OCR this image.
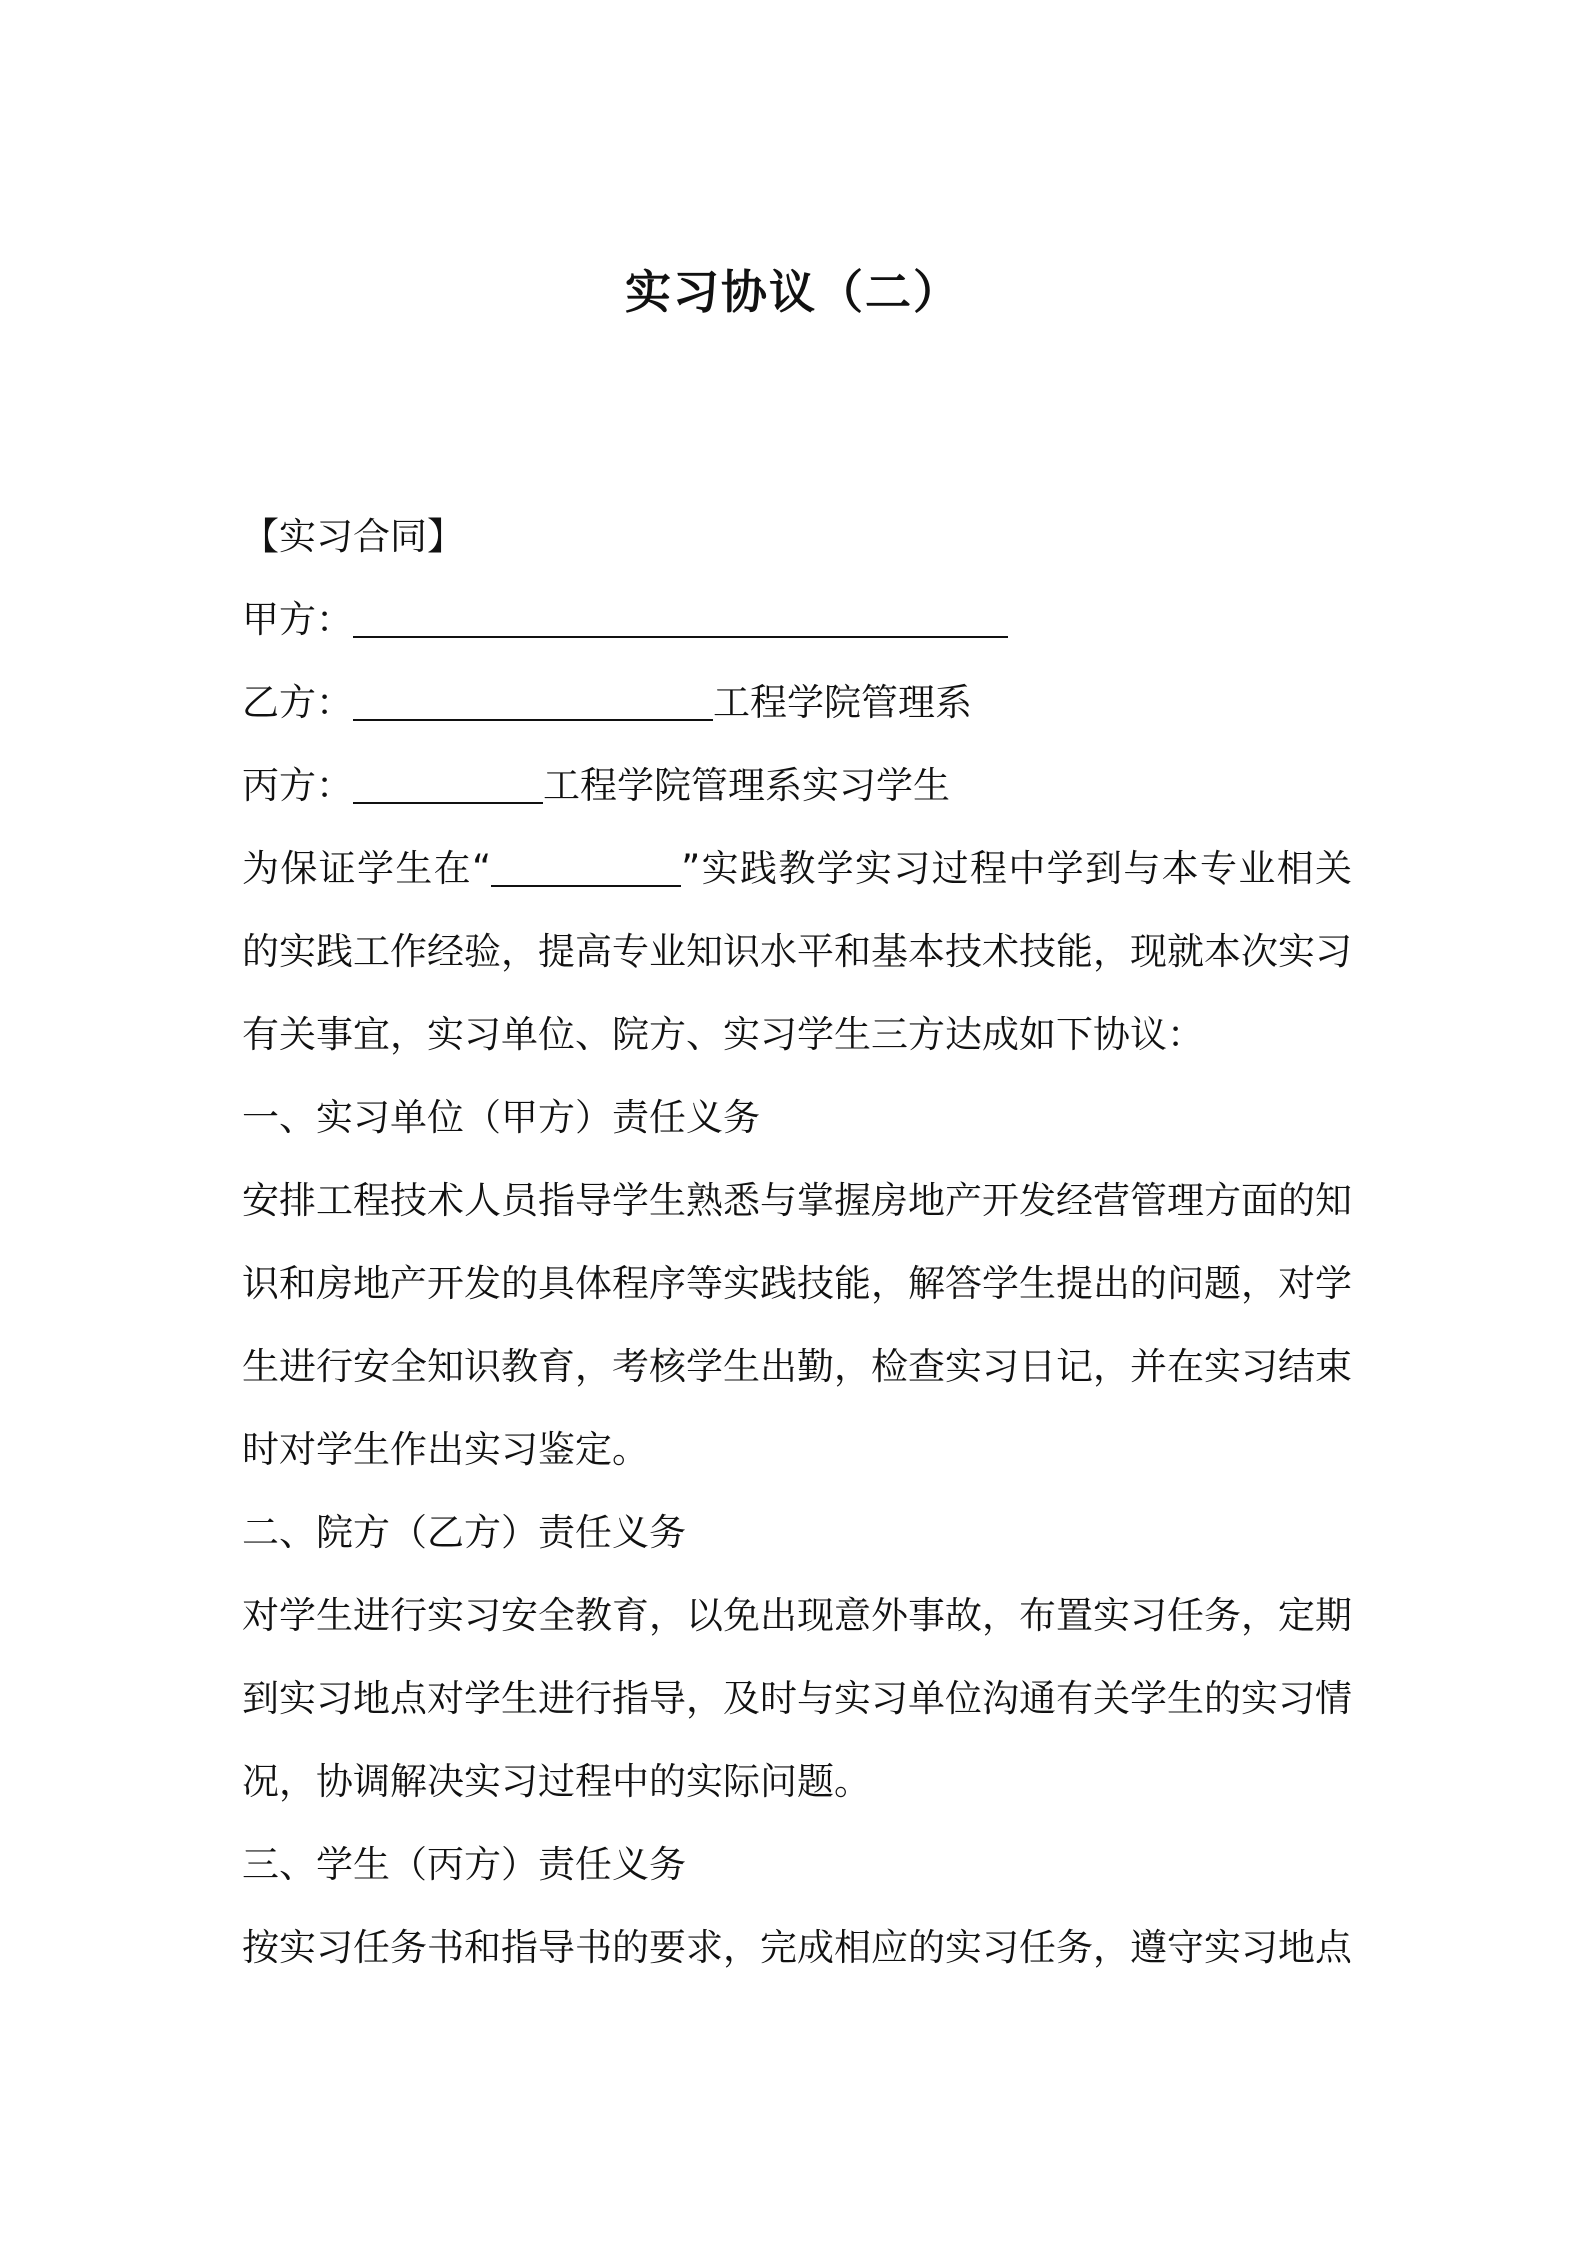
实习协议（二）
【实习合同】
甲方：
乙方：	工程学院管理系
丙方：	工程学院管理系实习学生

为保证学生在“	”实践教学实习过程中学到与本专业相关的实践工作经验，提高专业知识水平和基本技术技能，现就本次实习有关事宜，实习单位、院方、实习学生三方达成如下协议：

一、实习单位（甲方）责任义务

安排工程技术人员指导学生熟悉与掌握房地产开发经营管理方面的知识和房地产开发的具体程序等实践技能，解答学生提出的问题，对学生进行安全知识教育，考核学生出勤，检查实习日记，并在实习结束时对学生作出实习鉴定。

二、院方（乙方）责任义务

对学生进行实习安全教育，以免出现意外事故，布置实习任务，定期到实习地点对学生进行指导，及时与实习单位沟通有关学生的实习情况，协调解决实习过程中的实际问题。

三、学生（丙方）责任义务

按实习任务书和指导书的要求，完成相应的实习任务，遵守实习地点
